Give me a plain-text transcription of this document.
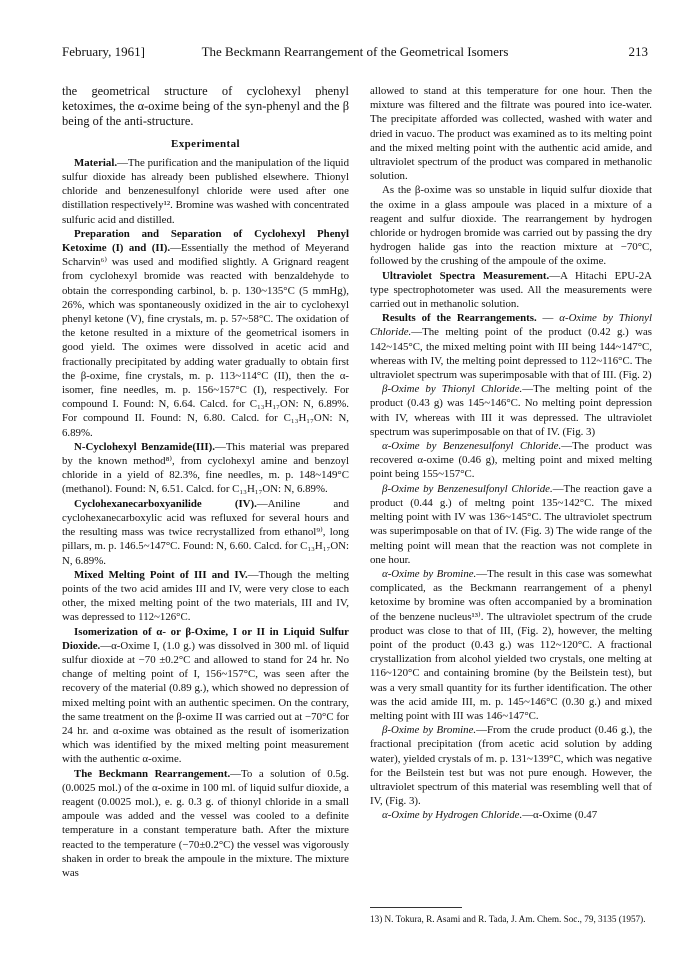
February, 1961]	The Beckmann Rearrangement of the Geometrical Isomers	213

the geometrical structure of cyclohexyl phenyl ketoximes, the α-oxime being of the syn-phenyl and the β being of the anti-structure.

Experimental

Material.—The purification and the manipulation of the liquid sulfur dioxide has already been published elsewhere. Thionyl chloride and benzenesulfonyl chloride were used after one distillation respectively¹². Bromine was washed with concentrated sulfuric acid and distilled.

Preparation and Separation of Cyclohexyl Phenyl Ketoxime (I) and (II).—Essentially the method of Meyerand Scharvin⁶⁾ was used and modified slightly. A Grignard reagent from cyclohexyl bromide was reacted with benzaldehyde to obtain the corresponding carbinol, b. p. 130~135°C (5 mmHg), 26%, which was spontaneously oxidized in the air to cyclohexyl phenyl ketone (V), fine crystals, m. p. 57~58°C. The oxidation of the ketone resulted in a mixture of the geometrical isomers in good yield. The oximes were dissolved in acetic acid and fractionally precipitated by adding water gradually to obtain first the β-oxime, fine crystals, m. p. 113~114°C (II), then the α-isomer, fine needles, m. p. 156~157°C (I), respectively. For compound I. Found: N, 6.64. Calcd. for C₁₃H₁₇ON: N, 6.89%. For compound II. Found: N, 6.80. Calcd. for C₁₃H₁₇ON: N, 6.89%.

N-Cyclohexyl Benzamide(III).—This material was prepared by the known method⁸⁾, from cyclohexyl amine and benzoyl chloride in a yield of 82.3%, fine needles, m. p. 148~149°C (methanol). Found: N, 6.51. Calcd. for C₁₃H₁₇ON: N, 6.89%.

Cyclohexanecarboxyanilide (IV).—Aniline and cyclohexanecarboxylic acid was refluxed for several hours and the resulting mass was twice recrystallized from ethanol⁹⁾, long pillars, m. p. 146.5~147°C. Found: N, 6.60. Calcd. for C₁₃H₁₇ON: N, 6.89%.

Mixed Melting Point of III and IV.—Though the melting points of the two acid amides III and IV, were very close to each other, the mixed melting point of the two materials, III and IV, was depressed to 112~126°C.

Isomerization of α- or β-Oxime, I or II in Liquid Sulfur Dioxide.—α-Oxime I, (1.0 g.) was dissolved in 300 ml. of liquid sulfur dioxide at −70 ±0.2°C and allowed to stand for 24 hr. No change of melting point of I, 156~157°C, was seen after the recovery of the material (0.89 g.), which showed no depression of mixed melting point with an authentic specimen. On the contrary, the same treatment on the β-oxime II was carried out at −70°C for 24 hr. and α-oxime was obtained as the result of isomerization which was identified by the mixed melting point measurement with the authentic α-oxime.

The Beckmann Rearrangement.—To a solution of 0.5g. (0.0025 mol.) of the α-oxime in 100 ml. of liquid sulfur dioxide, a reagent (0.0025 mol.), e. g. 0.3 g. of thionyl chloride in a small ampoule was added and the vessel was cooled to a definite temperature in a constant temperature bath. After the mixture reacted to the temperature (−70±0.2°C) the vessel was vigorously shaken in order to break the ampoule in the mixture. The mixture was

allowed to stand at this temperature for one hour. Then the mixture was filtered and the filtrate was poured into ice-water. The precipitate afforded was collected, washed with water and dried in vacuo. The product was examined as to its melting point and the mixed melting point with the authentic acid amide, and ultraviolet spectrum of the product was compared in methanolic solution.

As the β-oxime was so unstable in liquid sulfur dioxide that the oxime in a glass ampoule was placed in a mixture of a reagent and sulfur dioxide. The rearrangement by hydrogen chloride or hydrogen bromide was carried out by passing the dry hydrogen halide gas into the reaction mixture at −70°C, followed by the crushing of the ampoule of the oxime.

Ultraviolet Spectra Measurement.—A Hitachi EPU-2A type spectrophotometer was used. All the measurements were carried out in methanolic solution.

Results of the Rearrangements. — α-Oxime by Thionyl Chloride.—The melting point of the product (0.42 g.) was 142~145°C, the mixed melting point with III being 144~147°C, whereas with IV, the melting point depressed to 112~116°C. The ultraviolet spectrum was superimposable with that of III. (Fig. 2)

β-Oxime by Thionyl Chloride.—The melting point of the product (0.43 g) was 145~146°C. No melting point depression with IV, whereas with III it was depressed. The ultraviolet spectrum was superimposable on that of IV. (Fig. 3)

α-Oxime by Benzenesulfonyl Chloride.—The product was recovered α-oxime (0.46 g), melting point and mixed melting point being 155~157°C.

β-Oxime by Benzenesulfonyl Chloride.—The reaction gave a product (0.44 g.) of meltng point 135~142°C. The mixed melting point with IV was 136~145°C. The ultraviolet spectrum was superimposable on that of IV. (Fig. 3) The wide range of the melting point will mean that the reaction was not complete in one hour.

α-Oxime by Bromine.—The result in this case was somewhat complicated, as the Beckmann rearrangement of a phenyl ketoxime by bromine was often accompanied by a bromination of the benzene nucleus¹³⁾. The ultraviolet spectrum of the crude product was close to that of III, (Fig. 2), however, the melting point of the product (0.43 g.) was 112~120°C. A fractional crystallization from alcohol yielded two crystals, one melting at 116~120°C and containing bromine (by the Beilstein test), but was a very small quantity for its further identification. The other was the acid amide III, m. p. 145~146°C (0.30 g.) and mixed melting point with III was 146~147°C.

β-Oxime by Bromine.—From the crude product (0.46 g.), the fractional precipitation (from acetic acid solution by adding water), yielded crystals of m. p. 131~139°C, which was negative for the Beilstein test but was not pure enough. However, the ultraviolet spectrum of this material was resembling well that of IV, (Fig. 3).

α-Oxime by Hydrogen Chloride.—α-Oxime (0.47

13) N. Tokura, R. Asami and R. Tada, J. Am. Chem. Soc., 79, 3135 (1957).
